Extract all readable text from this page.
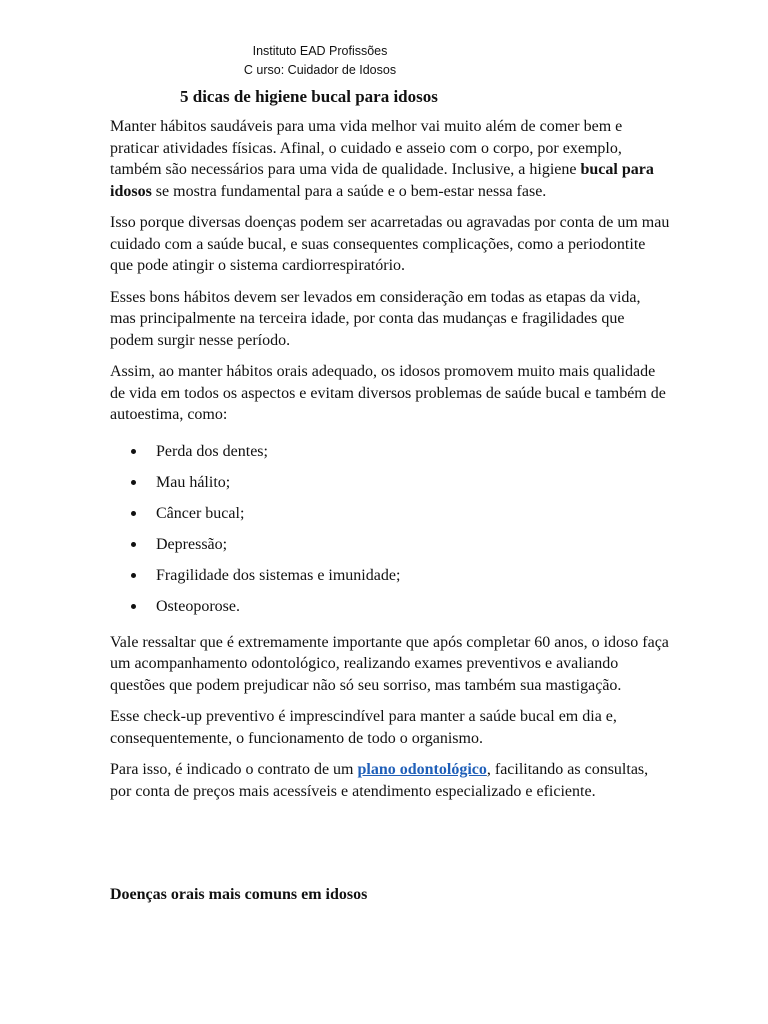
Instituto EAD Profissões
C urso: Cuidador de Idosos
5 dicas de higiene bucal para idosos

Manter hábitos saudáveis para uma vida melhor vai muito além de comer bem e praticar atividades físicas. Afinal, o cuidado e asseio com o corpo, por exemplo, também são necessários para uma vida de qualidade. Inclusive, a higiene bucal para idosos se mostra fundamental para a saúde e o bem-estar nessa fase.

Isso porque diversas doenças podem ser acarretadas ou agravadas por conta de um mau cuidado com a saúde bucal, e suas consequentes complicações, como a periodontite que pode atingir o sistema cardiorrespiratório.

Esses bons hábitos devem ser levados em consideração em todas as etapas da vida, mas principalmente na terceira idade, por conta das mudanças e fragilidades que podem surgir nesse período.

Assim, ao manter hábitos orais adequado, os idosos promovem muito mais qualidade de vida em todos os aspectos e evitam diversos problemas de saúde bucal e também de autoestima, como:

Perda dos dentes;
Mau hálito;
Câncer bucal;
Depressão;
Fragilidade dos sistemas e imunidade;
Osteoporose.

Vale ressaltar que é extremamente importante que após completar 60 anos, o idoso faça um acompanhamento odontológico, realizando exames preventivos e avaliando questões que podem prejudicar não só seu sorriso, mas também sua mastigação.

Esse check-up preventivo é imprescindível para manter a saúde bucal em dia e, consequentemente, o funcionamento de todo o organismo.

Para isso, é indicado o contrato de um plano odontológico, facilitando as consultas, por conta de preços mais acessíveis e atendimento especializado e eficiente.

Doenças orais mais comuns em idosos
